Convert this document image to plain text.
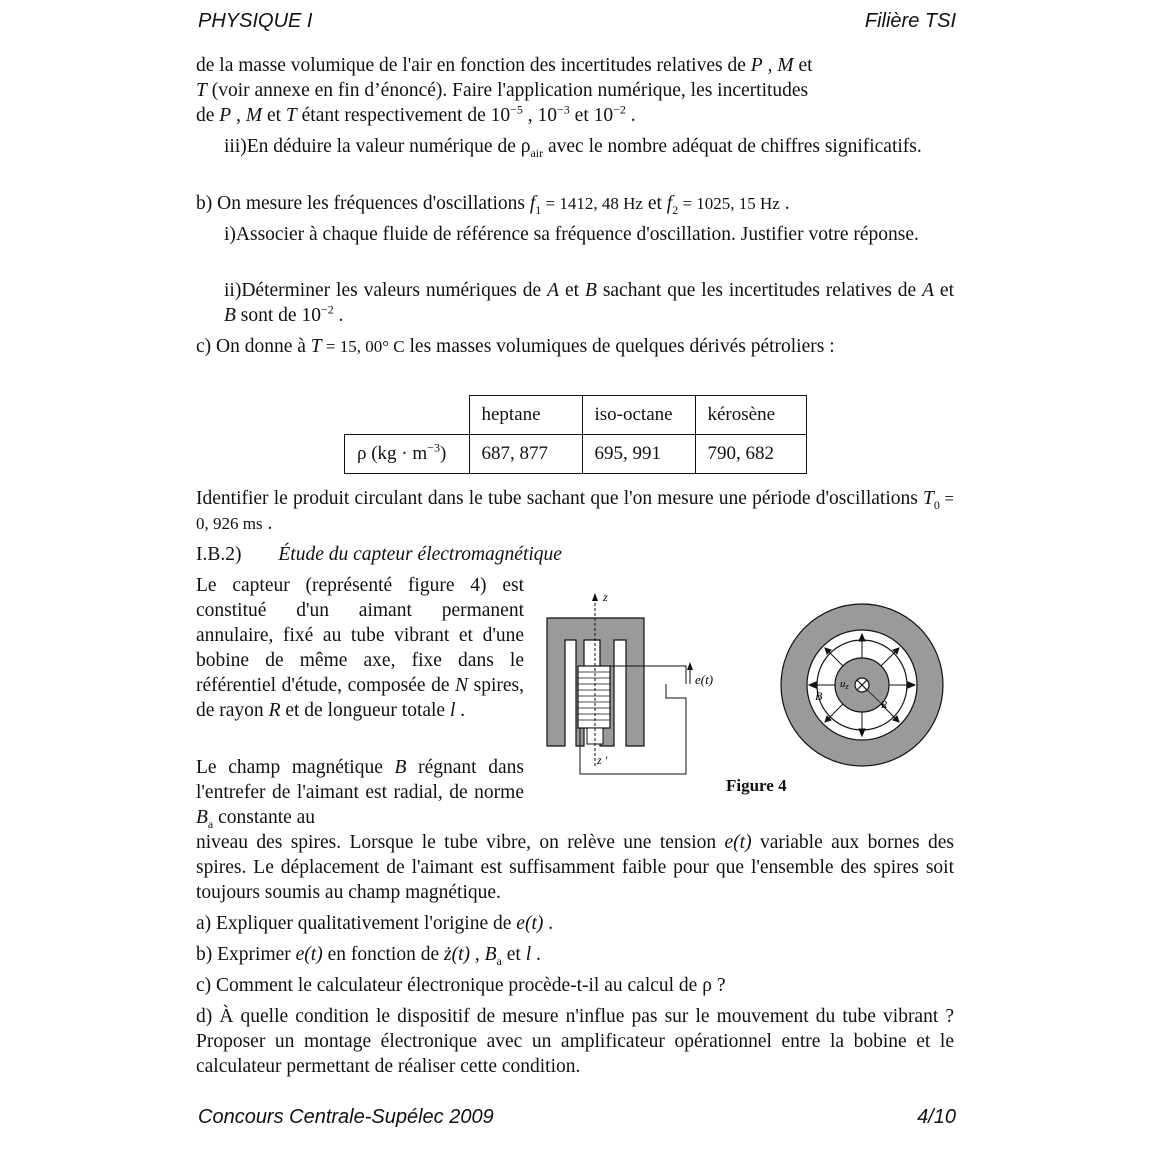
PHYSIQUE I	Filière TSI
de la masse volumique de l'air en fonction des incertitudes relatives de P , M et
T (voir annexe en fin d’énoncé). Faire l'application numérique, les incertitudes
de P , M et T étant respectivement de $10^{-5}$ , $10^{-3}$ et $10^{-2}$ .
iii)En déduire la valeur numérique de $\rho_{air}$ avec le nombre adéquat de chiffres significatifs.
b) On mesure les fréquences d'oscillations $f_1 = 1412$, 48 Hz et $f_2 = 1025$, 15 Hz .
i)Associer à chaque fluide de référence sa fréquence d'oscillation. Justifier votre réponse.
ii)Déterminer les valeurs numériques de A et B sachant que les incertitudes relatives de A et B sont de $10^{-2}$ .
c) On donne à T = 15, 00° C les masses volumiques de quelques dérivés pétroliers :
	heptane	iso-octane	kérosène
ρ $(kg \cdot m^{-3})$	687, 877	695, 991	790, 682
Identifier le produit circulant dans le tube sachant que l'on mesure une période d'oscillations $T_0 = 0$, 926 ms .
I.B.2) Étude du capteur électromagnétique
Le capteur (représenté figure 4) est constitué d'un aimant permanent annulaire, fixé au tube vibrant et d'une bobine de même axe, fixe dans le référentiel d'étude, composée de N spires, de rayon R et de longueur totale l .
Le champ magnétique B régnant dans l'entrefer de l'aimant est radial, de norme $B_a$ constante au
z
z '
e(t)	uz
B
R
Figure 4
niveau des spires. Lorsque le tube vibre, on relève une tension e(t) variable aux bornes des spires. Le déplacement de l'aimant est suffisamment faible pour que l'ensemble des spires soit toujours soumis au champ magnétique.
a) Expliquer qualitativement l'origine de e(t) .
b) Exprimer e(t) en fonction de ż(t) , $B_a$ et l .
c) Comment le calculateur électronique procède-t-il au calcul de ρ ?
d) À quelle condition le dispositif de mesure n'influe pas sur le mouvement du tube vibrant ? Proposer un montage électronique avec un amplificateur opérationnel entre la bobine et le calculateur permettant de réaliser cette condition.
Concours Centrale-Supélec 2009	4/10
